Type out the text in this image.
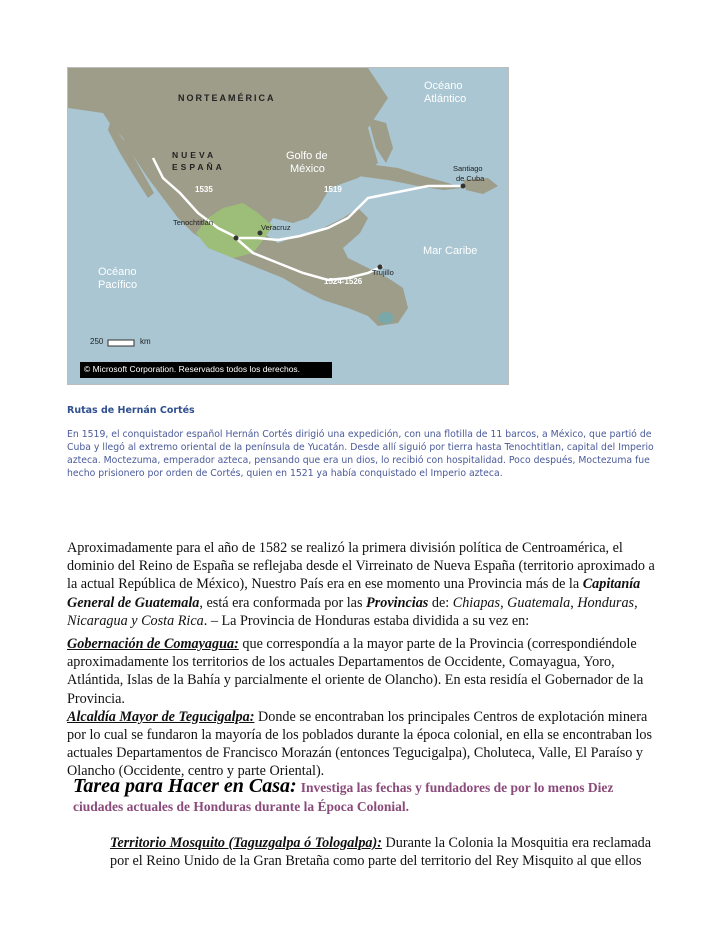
NORTEAMÉRICA
NUEVA
ESPAÑA
Océano
Atlántico
Golfo de
México	Santiago
de Cuba
1535	1519
Tenochtitlán
Veracruz
Mar Caribe
Trujillo
1524-1526
Océano
Pacífico
250	km
© Microsoft Corporation. Reservados todos los derechos.
Rutas de Hernán Cortés
En 1519, el conquistador español Hernán Cortés dirigió una expedición, con una flotilla de 11 barcos, a México, que partió de Cuba y llegó al extremo oriental de la península de Yucatán. Desde allí siguió por tierra hasta Tenochtitlan, capital del Imperio azteca. Moctezuma, emperador azteca, pensando que era un dios, lo recibió con hospitalidad. Poco después, Moctezuma fue hecho prisionero por orden de Cortés, quien en 1521 ya había conquistado el Imperio azteca.
Aproximadamente para el año de 1582 se realizó la primera división política de Centroamérica, el dominio del Reino de España se reflejaba desde el Virreinato de Nueva España (territorio aproximado a la actual República de México), Nuestro País era en ese momento una Provincia más de la Capitanía General de Guatemala, está era conformada por las Provincias de: Chiapas, Guatemala, Honduras, Nicaragua y Costa Rica. – La Provincia de Honduras estaba dividida a su vez en:
Gobernación de Comayagua: que correspondía a la mayor parte de la Provincia (correspondiéndole aproximadamente los territorios de los actuales Departamentos de Occidente, Comayagua, Yoro, Atlántida, Islas de la Bahía y parcialmente el oriente de Olancho). En esta residía el Gobernador de la Provincia.
Alcaldía Mayor de Tegucigalpa: Donde se encontraban los principales Centros de explotación minera por lo cual se fundaron la mayoría de los poblados durante la época colonial, en ella se encontraban los actuales Departamentos de Francisco Morazán (entonces Tegucigalpa), Choluteca, Valle, El Paraíso y Olancho (Occidente, centro y parte Oriental).
Tarea para Hacer en Casa: Investiga las fechas y fundadores de por lo menos Diez ciudades actuales de Honduras durante la Época Colonial.
Territorio Mosquito (Taguzgalpa ó Tologalpa): Durante la Colonia la Mosquitia era reclamada por el Reino Unido de la Gran Bretaña como parte del territorio del Rey Misquito al que ellos
